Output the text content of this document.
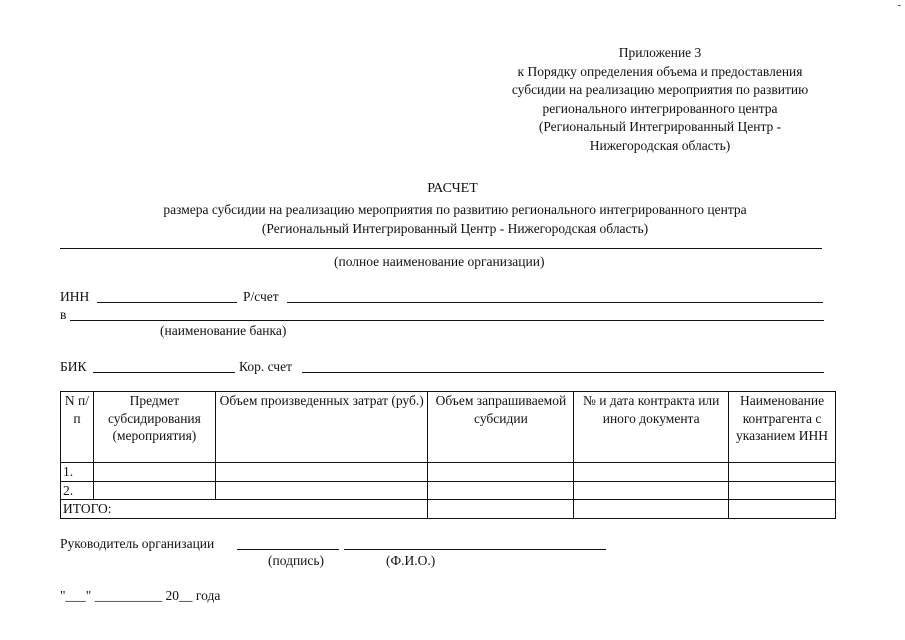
-
Приложение 3
к Порядку определения объема и предоставления
субсидии на реализацию мероприятия по развитию
регионального интегрированного центра
(Региональный Интегрированный Центр -
Нижегородская область)
РАСЧЕТ
размера субсидии на реализацию мероприятия по развитию регионального интегрированного центра
(Региональный Интегрированный Центр - Нижегородская область)
(полное наименование организации)
ИНН	Р/счет
в
(наименование банка)
БИК	Кор. счет
N п/п	Предмет субсидирования (мероприятия)	Объем произведенных затрат (руб.)	Объем запрашиваемой субсидии	№ и дата контракта или иного документа	Наименование контрагента с указанием ИНН
1.					
2.					
ИТОГО:					
Руководитель организации
(подпись)	(Ф.И.О.)
"___" __________ 20__ года
